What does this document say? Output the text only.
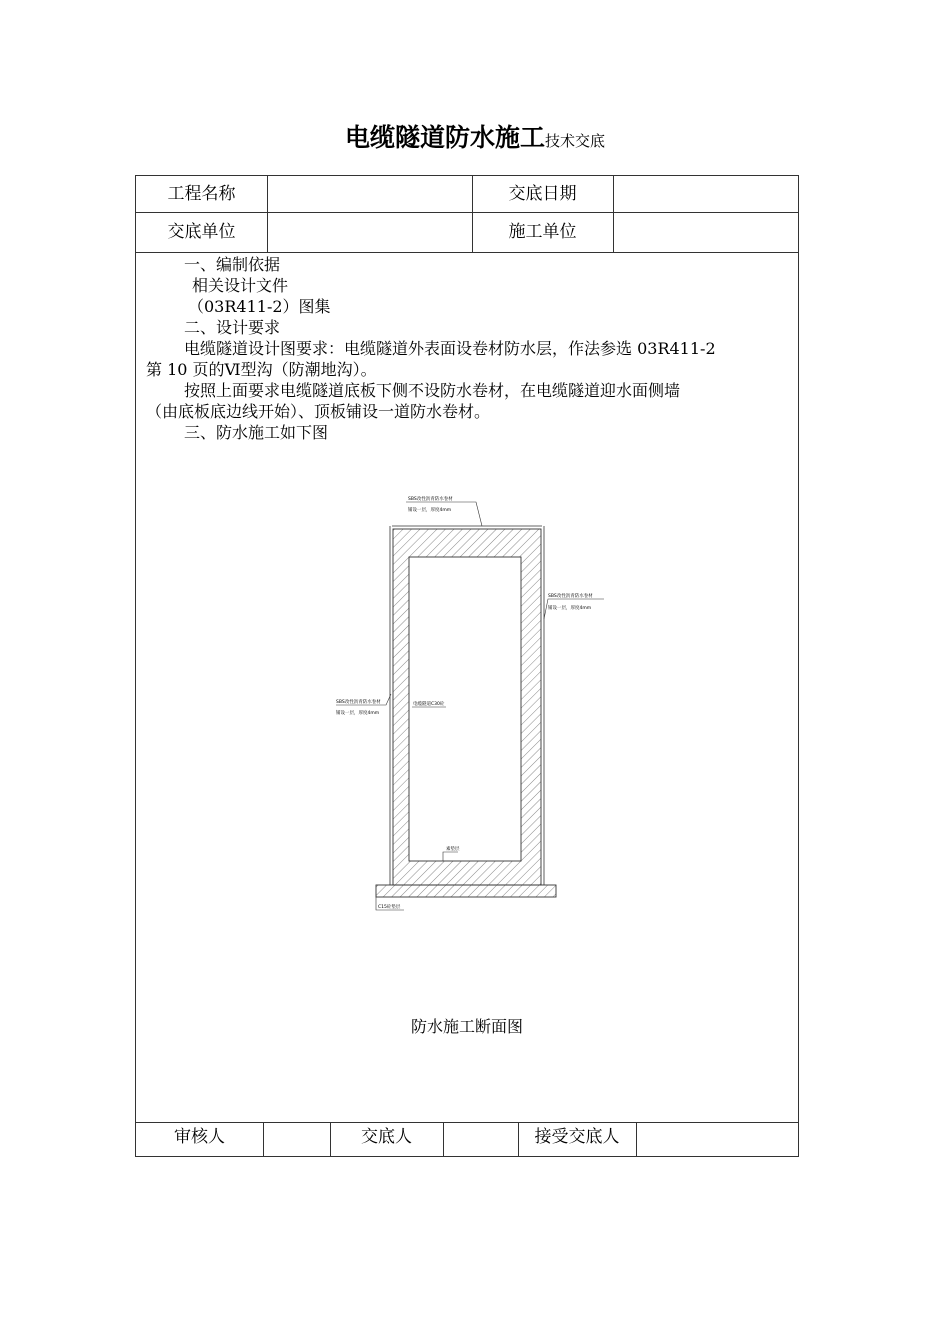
电缆隧道防水施工技术交底
工程名称	交底日期
交底单位	施工单位

一、编制依据

相关设计文件

（03R411-2）图集

二、设计要求

电缆隧道设计图要求：电缆隧道外表面设卷材防水层，作法参选 03R411-2

第 10 页的Ⅵ型沟（防潮地沟）。

按照上面要求电缆隧道底板下侧不设防水卷材，在电缆隧道迎水面侧墙

（由底板底边线开始）、顶板铺设一道防水卷材。

三、防水施工如下图

SBS改性沥青防水卷材
铺设一层，厚度4mm
SBS改性沥青防水卷材
铺设一层，厚度4mm
SBS改性沥青防水卷材
铺设一层，厚度4mm
电缆隧道C30砼
素垫层
C15砼垫层
防水施工断面图
审核人	交底人	接受交底人
